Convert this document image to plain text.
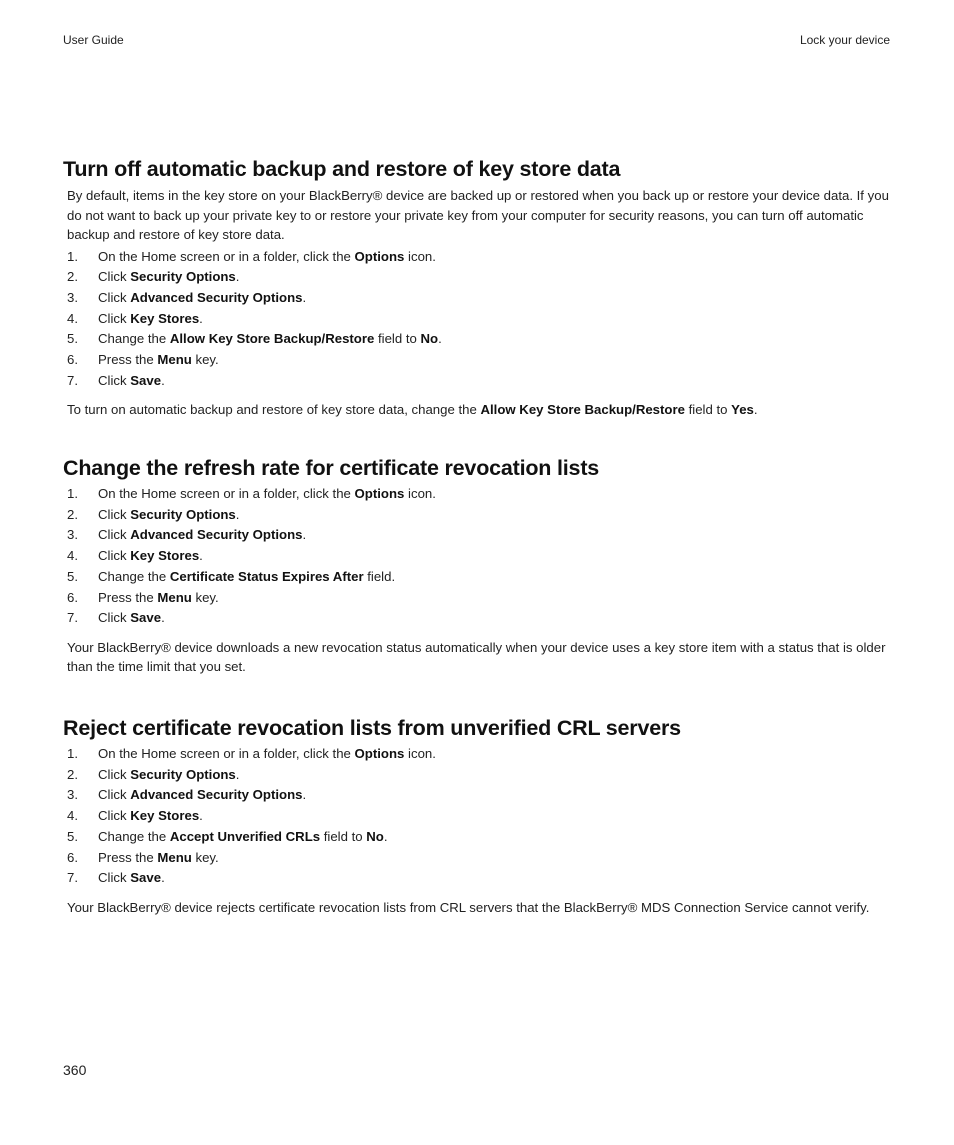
User Guide	Lock your device
Turn off automatic backup and restore of key store data

By default, items in the key store on your BlackBerry® device are backed up or restored when you back up or restore your device data. If you do not want to back up your private key to or restore your private key from your computer for security reasons, you can turn off automatic backup and restore of key store data.

1. On the Home screen or in a folder, click the Options icon.
2. Click Security Options.
3. Click Advanced Security Options.
4. Click Key Stores.
5. Change the Allow Key Store Backup/Restore field to No.
6. Press the Menu key.
7. Click Save.

To turn on automatic backup and restore of key store data, change the Allow Key Store Backup/Restore field to Yes.

Change the refresh rate for certificate revocation lists
1. On the Home screen or in a folder, click the Options icon.
2. Click Security Options.
3. Click Advanced Security Options.
4. Click Key Stores.
5. Change the Certificate Status Expires After field.
6. Press the Menu key.
7. Click Save.

Your BlackBerry® device downloads a new revocation status automatically when your device uses a key store item with a status that is older than the time limit that you set.

Reject certificate revocation lists from unverified CRL servers
1. On the Home screen or in a folder, click the Options icon.
2. Click Security Options.
3. Click Advanced Security Options.
4. Click Key Stores.
5. Change the Accept Unverified CRLs field to No.
6. Press the Menu key.
7. Click Save.

Your BlackBerry® device rejects certificate revocation lists from CRL servers that the BlackBerry® MDS Connection Service cannot verify.

360
